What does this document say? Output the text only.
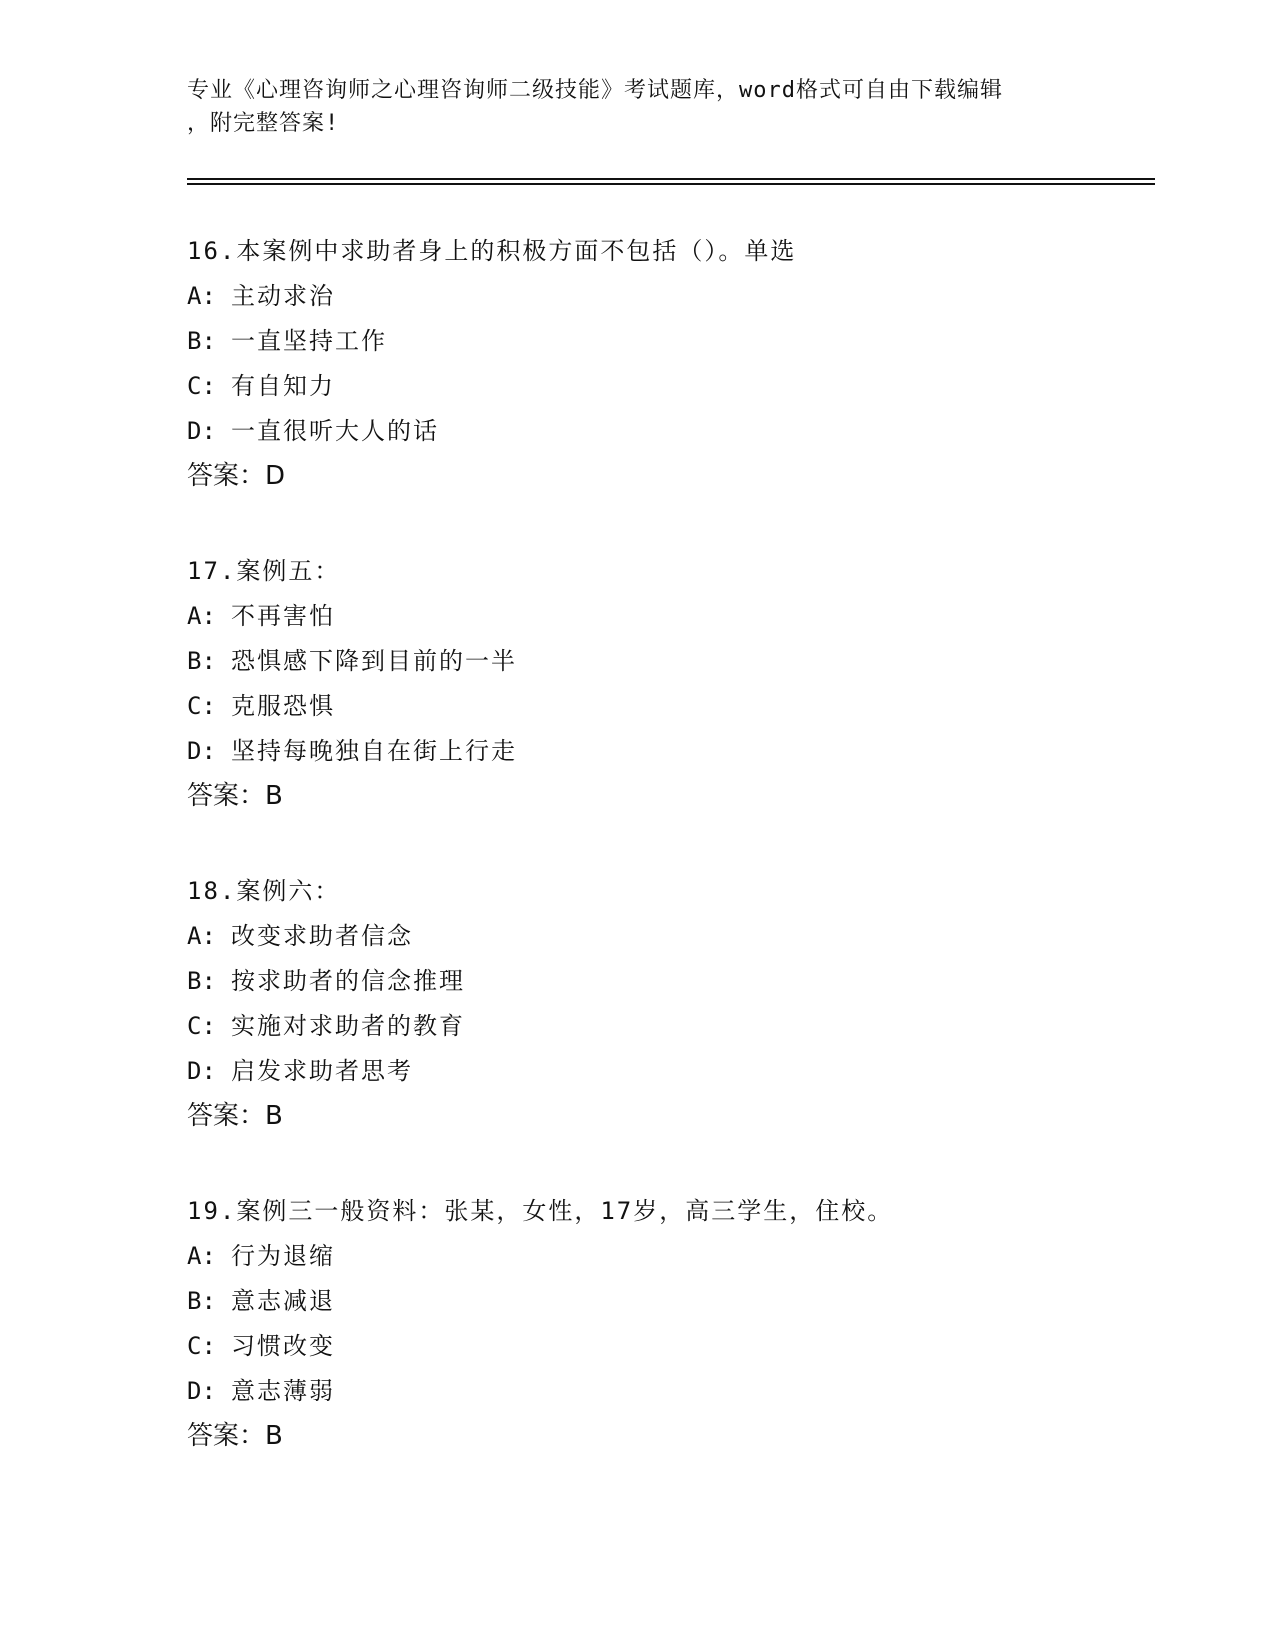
专业《心理咨询师之心理咨询师二级技能》考试题库，word格式可自由下载编辑
，附完整答案!
16.本案例中求助者身上的积极方面不包括（）。单选
A: 主动求治
B: 一直坚持工作
C: 有自知力
D: 一直很听大人的话
答案：D
17.案例五：
A: 不再害怕
B: 恐惧感下降到目前的一半
C: 克服恐惧
D: 坚持每晚独自在街上行走
答案：B
18.案例六：
A: 改变求助者信念
B: 按求助者的信念推理
C: 实施对求助者的教育
D: 启发求助者思考
答案：B
19.案例三一般资料：张某，女性，17岁，高三学生，住校。
A: 行为退缩
B: 意志减退
C: 习惯改变
D: 意志薄弱
答案：B
